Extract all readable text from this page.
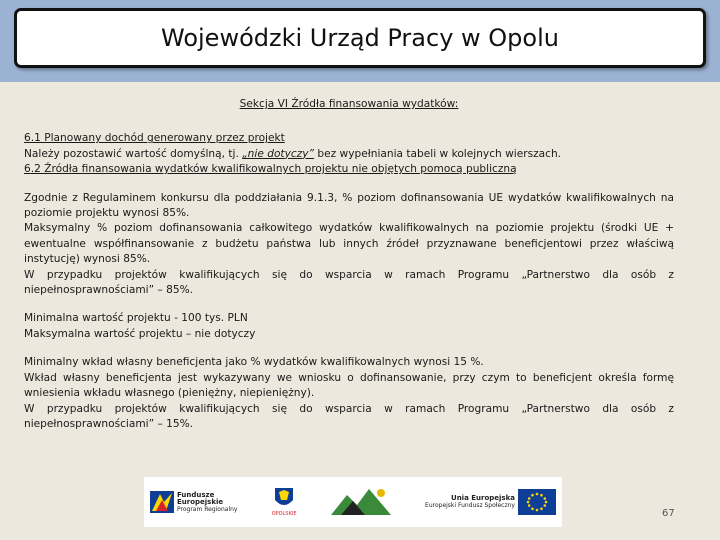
Wojewódzki Urząd Pracy w Opolu
Sekcja VI Źródła finansowania wydatków:
6.1 Planowany dochód generowany przez projekt
Należy pozostawić wartość domyślną, tj. „nie dotyczy” bez wypełniania tabeli w kolejnych wierszach.
6.2 Źródła finansowania wydatków kwalifikowalnych projektu nie objętych pomocą publiczną
Zgodnie z Regulaminem konkursu dla poddziałania 9.1.3, % poziom dofinansowania UE wydatków kwalifikowalnych na poziomie projektu wynosi 85%.
Maksymalny % poziom dofinansowania całkowitego wydatków kwalifikowalnych na poziomie projektu (środki UE + ewentualne współfinansowanie z budżetu państwa lub innych źródeł przyznawane beneficjentowi przez właściwą instytucję) wynosi 85%.
W przypadku projektów kwalifikujących się do wsparcia w ramach Programu „Partnerstwo dla osób z niepełnosprawnościami” – 85%.
Minimalna wartość projektu - 100 tys. PLN
Maksymalna wartość projektu – nie dotyczy
Minimalny wkład własny beneficjenta jako % wydatków kwalifikowalnych wynosi 15 %.
Wkład własny beneficjenta jest wykazywany we wniosku o dofinansowanie, przy czym to beneficjent określa formę wniesienia wkładu własnego (pieniężny, niepieniężny).
W przypadku projektów kwalifikujących się do wsparcia w ramach Programu „Partnerstwo dla osób z niepełnosprawnościami” – 15%.
Fundusze
Europejskie
Program Regionalny
OPOLSKIE
Unia Europejska
Europejski Fundusz Społeczny
67
